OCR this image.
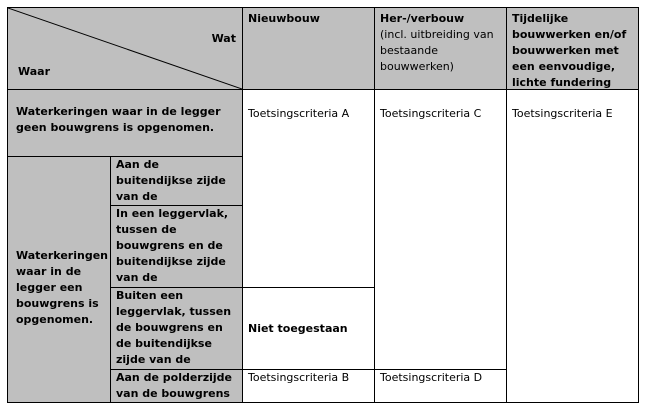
Wat
Waar
Nieuwbouw	Her-/verbouw
(incl. uitbreiding van bestaande bouwwerken)
Tijdelijke bouwwerken en/of bouwwerken met een eenvoudige, lichte fundering
Waterkeringen waar in de legger geen bouwgrens is opgenomen.
Waterkeringen waar in de legger een bouwgrens is opgenomen.
Aan de buitendijkse zijde van de
In een leggervlak, tussen de bouwgrens en de buitendijkse zijde van de
Buiten een leggervlak, tussen de bouwgrens en de buitendijkse zijde van de
Aan de polderzijde van de bouwgrens
Toetsingscriteria A
Niet toegestaan
Toetsingscriteria B
Toetsingscriteria C
Toetsingscriteria D
Toetsingscriteria E
